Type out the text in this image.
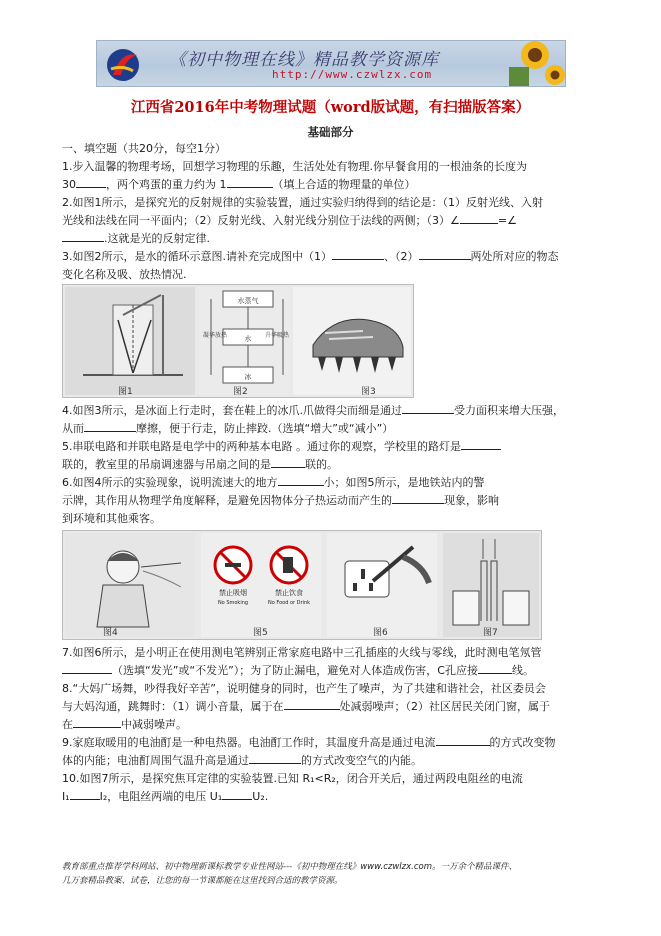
《初中物理在线》精品教学资源库
http://www.czwlzx.com
江西省2016年中考物理试题（word版试题，有扫描版答案）
基础部分
一、填空题（共20分，每空1分）
1.步入温馨的物理考场，回想学习物理的乐趣，生活处处有物理.你早餐食用的一根油条的长度为
30	，两个鸡蛋的重力约为 1	（填上合适的物理量的单位）
2.如图1所示，是探究光的反射规律的实验装置，通过实验归纳得到的结论是：（1）反射光线、入射
光线和法线在同一平面内；（2）反射光线、入射光线分别位于法线的两侧；（3）∠	=∠
.这就是光的反射定律.
3.如图2所示，是水的循环示意图.请补充完成图中（1）	、（2）	两处所对应的物态
变化名称及吸、放热情况.
水蒸气
水
冰
凝华放热	升华吸热
图1	图2	图3
4.如图3所示，是冰面上行走时，套在鞋上的冰爪.爪做得尖而细是通过	受力面积来增大压强，
从而	摩擦，便于行走，防止摔跤.（选填“增大”或“减小”）
5.串联电路和并联电路是电学中的两种基本电路 。通过你的观察，学校里的路灯是
联的，教室里的吊扇调速器与吊扇之间的是	联的。
6.如图4所示的实验现象，说明流速大的地方	小；如图5所示，是地铁站内的警
示牌，其作用从物理学角度解释，是避免因物体分子热运动而产生的	现象，影响
到环境和其他乘客。
禁止吸烟
No Smoking
禁止饮食
No Food or Drink
图4	图5	图6	图7
7.如图6所示，是小明正在使用测电笔辨别正常家庭电路中三孔插座的火线与零线，此时测电笔氖管
（选填“发光”或“不发光”）；为了防止漏电，避免对人体造成伤害，C孔应接	线。
8.“大妈广场舞，吵得我好辛苦”，说明健身的同时，也产生了噪声，为了共建和谐社会，社区委员会
与大妈沟通，跳舞时：（1）调小音量，属于在	处减弱噪声；（2）社区居民关闭门窗，属于
在	中减弱噪声。
9.家庭取暖用的电油酊是一种电热器。电油酊工作时，其温度升高是通过电流	的方式改变物
体的内能；电油酊周围气温升高是通过	的方式改变空气的内能。
10.如图7所示，是探究焦耳定律的实验装置.已知 R₁<R₂，闭合开关后，通过两段电阻丝的电流
I₁	I₂，电阻丝两端的电压 U₁	U₂.
教育部重点推荐学科网站、初中物理新课标教学专业性网站---《初中物理在线》www.czwlzx.com。一万余个精品课件、
几万套精品教案、试卷，让您的每一节课都能在这里找到合适的教学资源。
